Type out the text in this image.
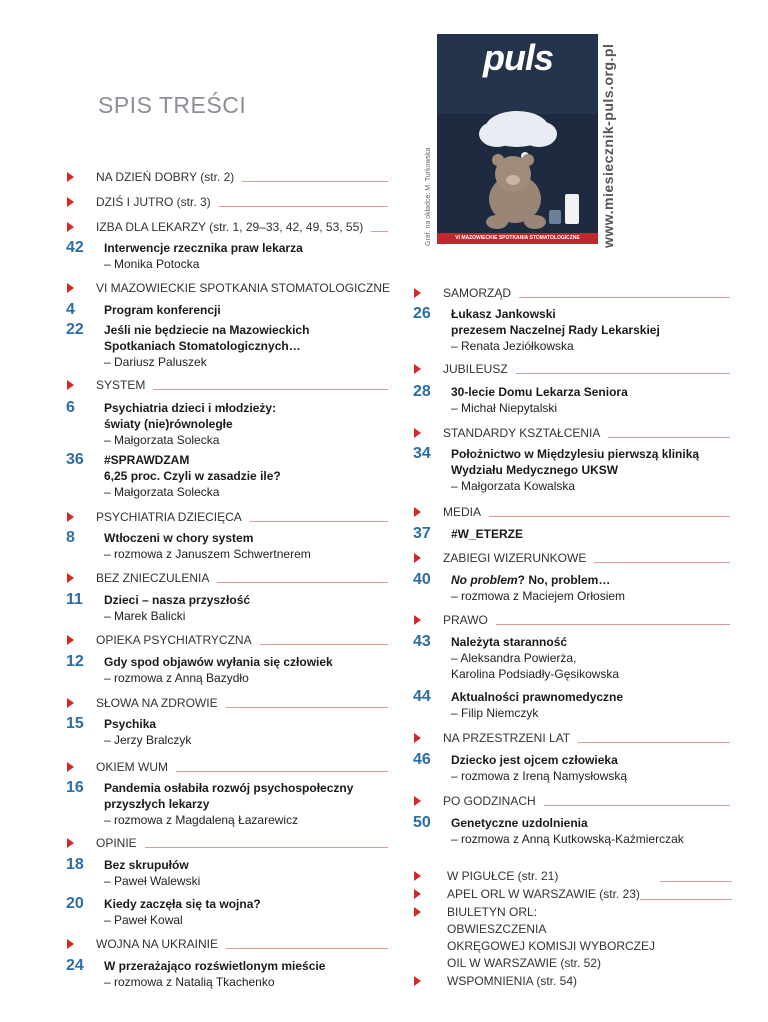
SPIS TREŚCI
puls
VI MAZOWIECKIE SPOTKANIA STOMATOLOGICZNE
Graf. na okładce: M. Turkowska	www.miesiecznik-puls.org.pl
NA DZIEŃ DOBRY (str. 2)
DZIŚ I JUTRO (str. 3)
IZBA DLA LEKARZY (str. 1, 29–33, 42, 49, 53, 55)
42 Interwencje rzecznika praw lekarza
– Monika Potocka
VI MAZOWIECKIE SPOTKANIA STOMATOLOGICZNE
4 Program konferencji
22 Jeśli nie będziecie na Mazowieckich
Spotkaniach Stomatologicznych…
– Dariusz Paluszek
SYSTEM
6 Psychiatria dzieci i młodzieży:
światy (nie)równoległe
– Małgorzata Solecka
36 #SPRAWDZAM
6,25 proc. Czyli w zasadzie ile?
– Małgorzata Solecka
PSYCHIATRIA DZIECIĘCA
8 Wtłoczeni w chory system
– rozmowa z Januszem Schwertnerem
BEZ ZNIECZULENIA
11 Dzieci – nasza przyszłość
– Marek Balicki
OPIEKA PSYCHIATRYCZNA
12 Gdy spod objawów wyłania się człowiek
– rozmowa z Anną Bazydło
SŁOWA NA ZDROWIE
15 Psychika
– Jerzy Bralczyk
OKIEM WUM
16 Pandemia osłabiła rozwój psychospołeczny
przyszłych lekarzy
– rozmowa z Magdaleną Łazarewicz
OPINIE
18 Bez skrupułów
– Paweł Walewski
20 Kiedy zaczęła się ta wojna?
– Paweł Kowal
WOJNA NA UKRAINIE
24 W przerażająco rozświetlonym mieście
– rozmowa z Natalią Tkachenko
SAMORZĄD
26 Łukasz Jankowski
prezesem Naczelnej Rady Lekarskiej
– Renata Jeziółkowska
JUBILEUSZ
28 30-lecie Domu Lekarza Seniora
– Michał Niepytalski
STANDARDY KSZTAŁCENIA
34 Położnictwo w Międzylesiu pierwszą kliniką
Wydziału Medycznego UKSW
– Małgorzata Kowalska
MEDIA
37 #W_ETERZE
ZABIEGI WIZERUNKOWE
40 No problem? No, problem…
– rozmowa z Maciejem Orłosiem
PRAWO
43 Należyta staranność
– Aleksandra Powierża,
Karolina Podsiadły-Gęsikowska
44 Aktualności prawnomedyczne
– Filip Niemczyk
NA PRZESTRZENI LAT
46 Dziecko jest ojcem człowieka
– rozmowa z Ireną Namysłowską
PO GODZINACH
50 Genetyczne uzdolnienia
– rozmowa z Anną Kutkowską-Kaźmierczak
W PIGUŁCE (str. 21)
APEL ORL W WARSZAWIE (str. 23)
BIULETYN ORL:
OBWIESZCZENIA
OKRĘGOWEJ KOMISJI WYBORCZEJ
OIL W WARSZAWIE (str. 52)
WSPOMNIENIA (str. 54)
